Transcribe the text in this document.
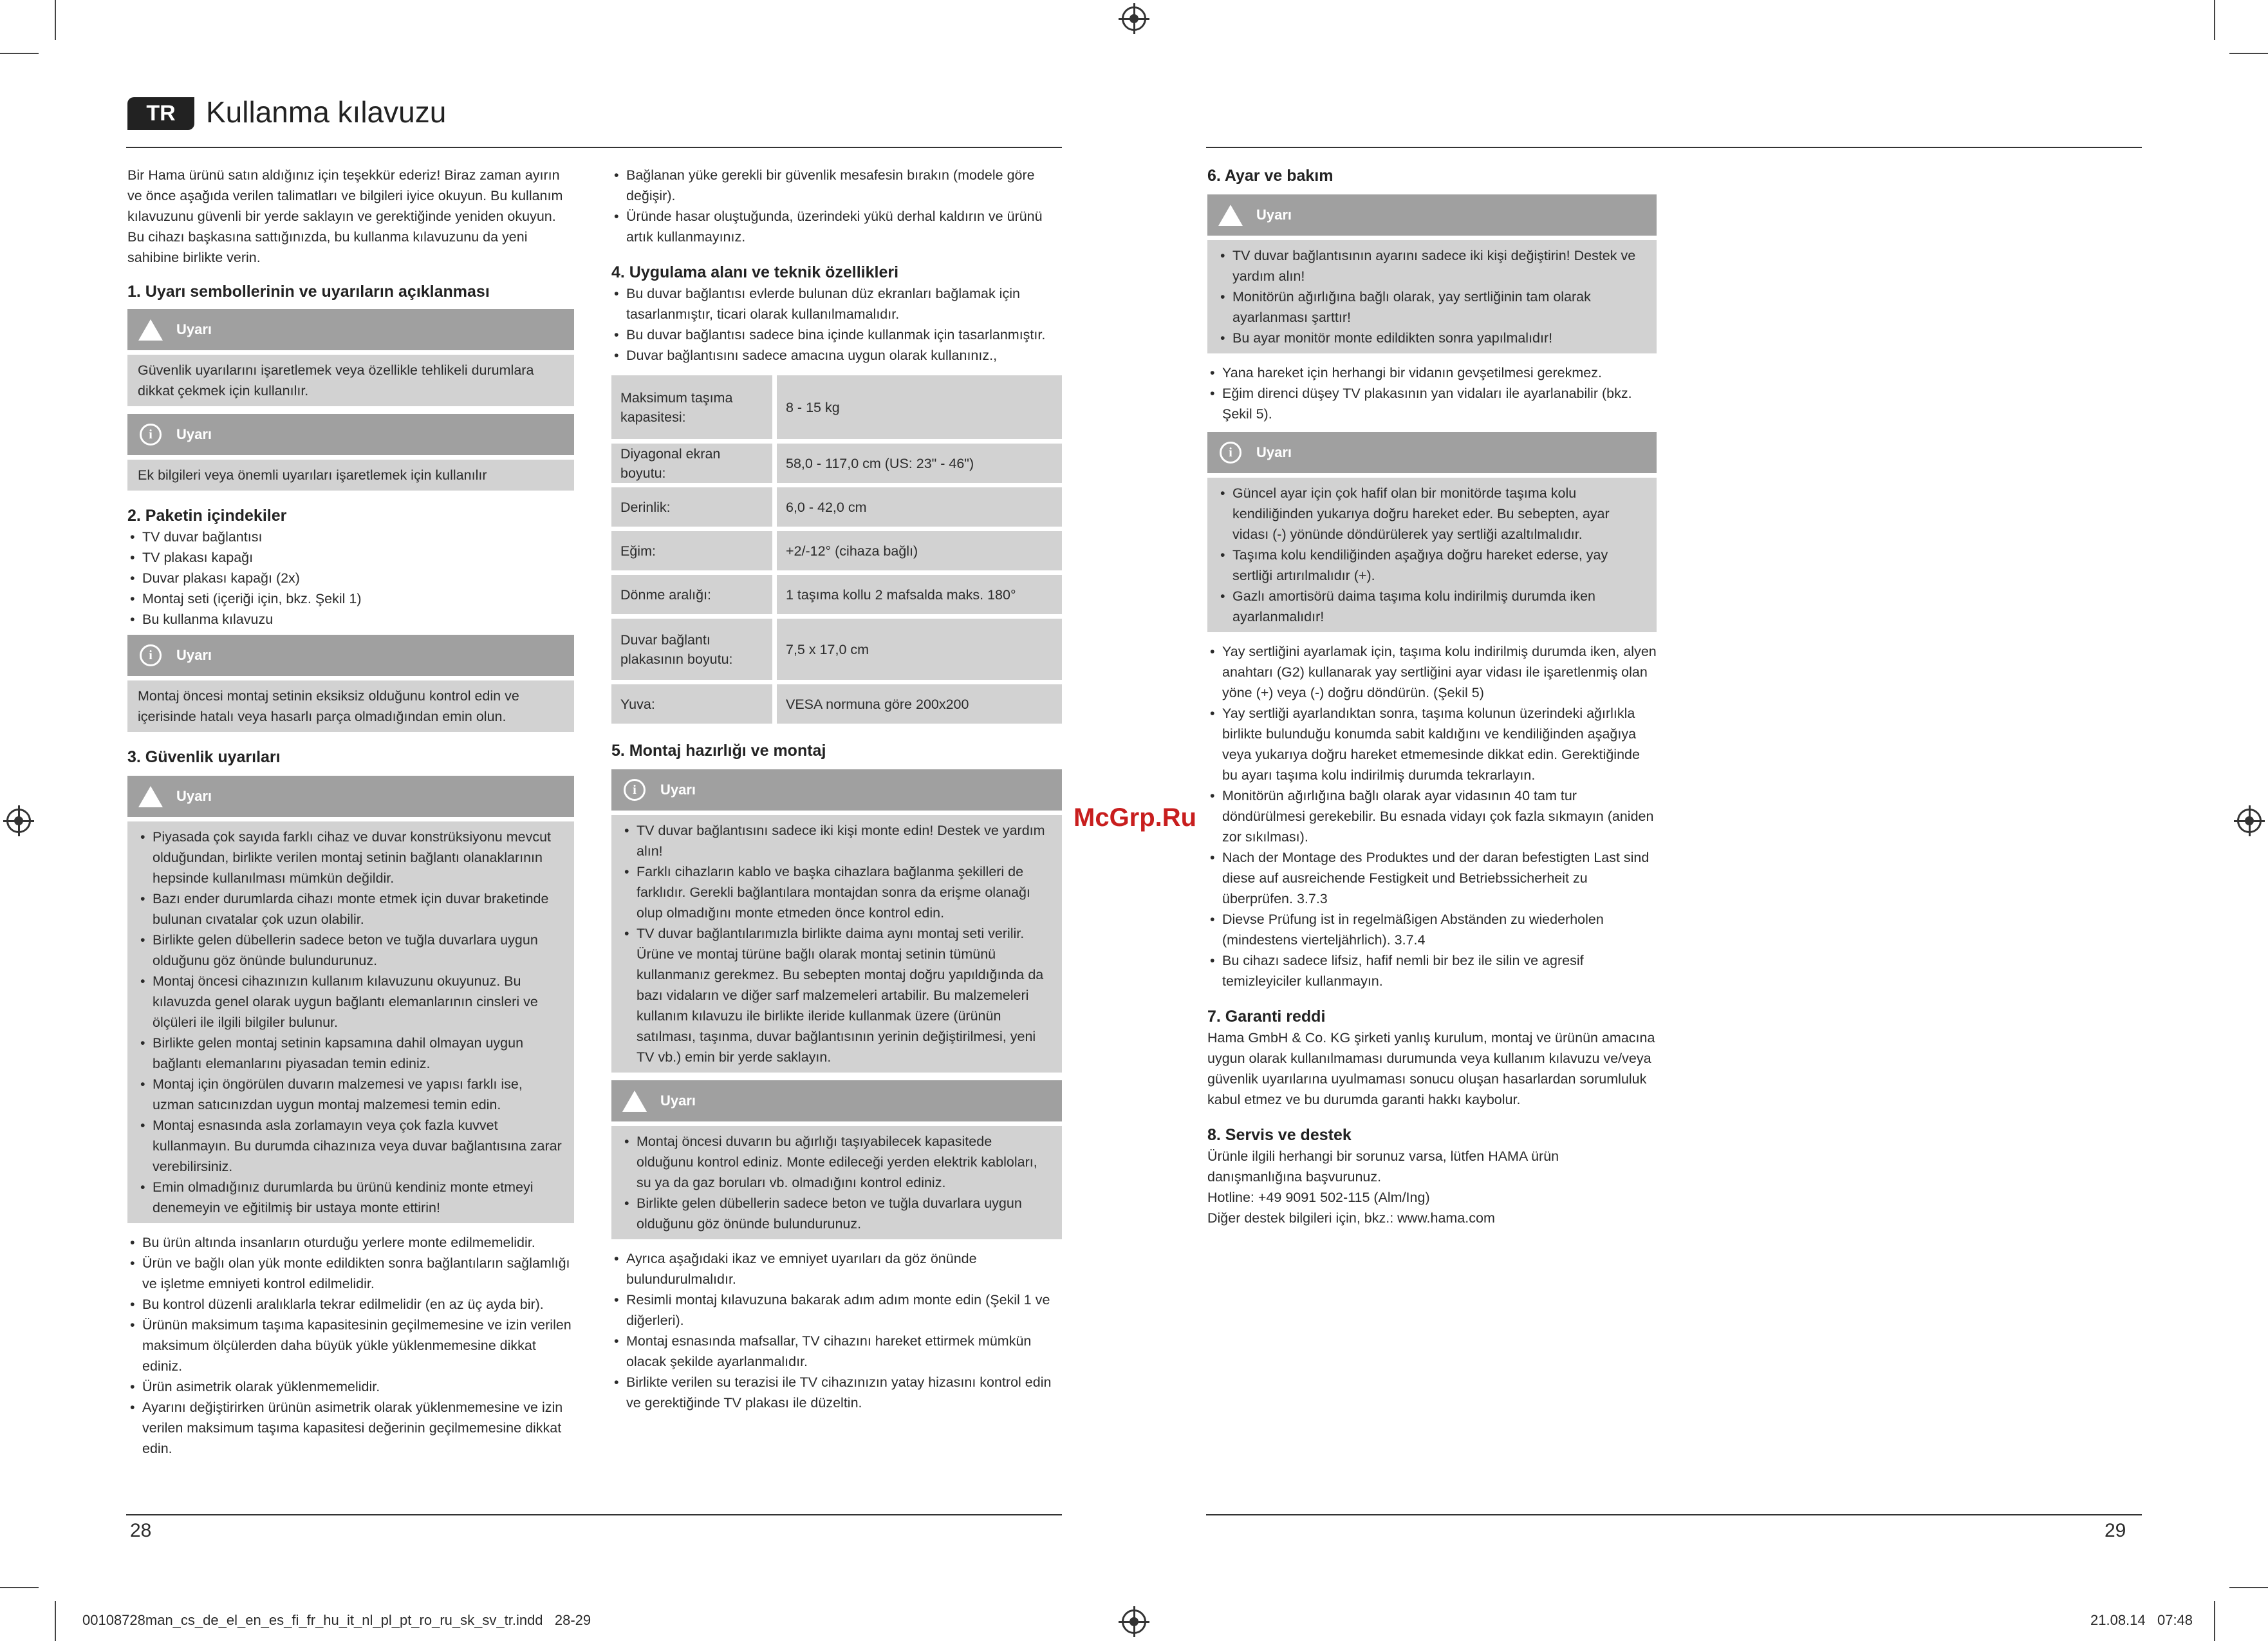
TR	Kullanma kılavuzu
McGrp.Ru

Bir Hama ürünü satın aldığınız için teşekkür ederiz! Biraz zaman ayırın ve önce aşağıda verilen talimatları ve bilgileri iyice okuyun. Bu kullanım kılavuzunu güvenli bir yerde saklayın ve gerektiğinde yeniden okuyun. Bu cihazı başkasına sattığınızda, bu kullanma kılavuzunu da yeni sahibine birlikte verin.

1. Uyarı sembollerinin ve uyarıların açıklanması
Uyarı
Güvenlik uyarılarını işaretlemek veya özellikle tehlikeli durumlara dikkat çekmek için kullanılır.
i	Uyarı
Ek bilgileri veya önemli uyarıları işaretlemek için kullanılır
2. Paketin içindekiler
• TV duvar bağlantısı
• TV plakası kapağı
• Duvar plakası kapağı (2x)
• Montaj seti (içeriği için, bkz. Şekil 1)
• Bu kullanma kılavuzu
i	Uyarı
Montaj öncesi montaj setinin eksiksiz olduğunu kontrol edin ve içerisinde hatalı veya hasarlı parça olmadığından emin olun.
3. Güvenlik uyarıları
Uyarı
• Piyasada çok sayıda farklı cihaz ve duvar konstrüksiyonu mevcut olduğundan, birlikte verilen montaj setinin bağlantı olanaklarının hepsinde kullanılması mümkün değildir.
• Bazı ender durumlarda cihazı monte etmek için duvar braketinde bulunan cıvatalar çok uzun olabilir.
• Birlikte gelen dübellerin sadece beton ve tuğla duvarlara uygun olduğunu göz önünde bulundurunuz.
• Montaj öncesi cihazınızın kullanım kılavuzunu okuyunuz. Bu kılavuzda genel olarak uygun bağlantı elemanlarının cinsleri ve ölçüleri ile ilgili bilgiler bulunur.
• Birlikte gelen montaj setinin kapsamına dahil olmayan uygun bağlantı elemanlarını piyasadan temin ediniz.
• Montaj için öngörülen duvarın malzemesi ve yapısı farklı ise, uzman satıcınızdan uygun montaj malzemesi temin edin.
• Montaj esnasında asla zorlamayın veya çok fazla kuvvet kullanmayın. Bu durumda cihazınıza veya duvar bağlantısına zarar verebilirsiniz.
• Emin olmadığınız durumlarda bu ürünü kendiniz monte etmeyi denemeyin ve eğitilmiş bir ustaya monte ettirin!
• Bu ürün altında insanların oturduğu yerlere monte edilmemelidir.
• Ürün ve bağlı olan yük monte edildikten sonra bağlantıların sağlamlığı ve işletme emniyeti kontrol edilmelidir.
• Bu kontrol düzenli aralıklarla tekrar edilmelidir (en az üç ayda bir).
• Ürünün maksimum taşıma kapasitesinin geçilmemesine ve izin verilen maksimum ölçülerden daha büyük yükle yüklenmemesine dikkat ediniz.
• Ürün asimetrik olarak yüklenmemelidir.
• Ayarını değiştirirken ürünün asimetrik olarak yüklenmemesine ve izin verilen maksimum taşıma kapasitesi değerinin geçilmemesine dikkat edin.
• Bağlanan yüke gerekli bir güvenlik mesafesin bırakın (modele göre değişir).
• Üründe hasar oluştuğunda, üzerindeki yükü derhal kaldırın ve ürünü artık kullanmayınız.
4. Uygulama alanı ve teknik özellikleri
• Bu duvar bağlantısı evlerde bulunan düz ekranları bağlamak için tasarlanmıştır, ticari olarak kullanılmamalıdır.
• Bu duvar bağlantısı sadece bina içinde kullanmak için tasarlanmıştır.
• Duvar bağlantısını sadece amacına uygun olarak kullanınız.,
Maksimum taşıma kapasitesi:	8 - 15 kg
Diyagonal ekran boyutu:	58,0 - 117,0 cm (US: 23" - 46")
Derinlik:	6,0 - 42,0 cm
Eğim:	+2/-12° (cihaza bağlı)
Dönme aralığı:	1 taşıma kollu 2 mafsalda maks. 180°
Duvar bağlantı plakasının boyutu:	7,5 x 17,0 cm
Yuva:	VESA normuna göre 200x200
5. Montaj hazırlığı ve montaj
i	Uyarı
• TV duvar bağlantısını sadece iki kişi monte edin! Destek ve yardım alın!
• Farklı cihazların kablo ve başka cihazlara bağlanma şekilleri de farklıdır. Gerekli bağlantılara montajdan sonra da erişme olanağı olup olmadığını monte etmeden önce kontrol edin.
• TV duvar bağlantılarımızla birlikte daima aynı montaj seti verilir. Ürüne ve montaj türüne bağlı olarak montaj setinin tümünü kullanmanız gerekmez. Bu sebepten montaj doğru yapıldığında da bazı vidaların ve diğer sarf malzemeleri artabilir. Bu malzemeleri kullanım kılavuzu ile birlikte ileride kullanmak üzere (ürünün satılması, taşınma, duvar bağlantısının yerinin değiştirilmesi, yeni TV vb.) emin bir yerde saklayın.
Uyarı
• Montaj öncesi duvarın bu ağırlığı taşıyabilecek kapasitede olduğunu kontrol ediniz. Monte edileceği yerden elektrik kabloları, su ya da gaz boruları vb. olmadığını kontrol ediniz.
• Birlikte gelen dübellerin sadece beton ve tuğla duvarlara uygun olduğunu göz önünde bulundurunuz.
• Ayrıca aşağıdaki ikaz ve emniyet uyarıları da göz önünde bulundurulmalıdır.
• Resimli montaj kılavuzuna bakarak adım adım monte edin (Şekil 1 ve diğerleri).
• Montaj esnasında mafsallar, TV cihazını hareket ettirmek mümkün olacak şekilde ayarlanmalıdır.
• Birlikte verilen su terazisi ile TV cihazınızın yatay hizasını kontrol edin ve gerektiğinde TV plakası ile düzeltin.
6. Ayar ve bakım
Uyarı
• TV duvar bağlantısının ayarını sadece iki kişi değiştirin! Destek ve yardım alın!
• Monitörün ağırlığına bağlı olarak, yay sertliğinin tam olarak ayarlanması şarttır!
• Bu ayar monitör monte edildikten sonra yapılmalıdır!
• Yana hareket için herhangi bir vidanın gevşetilmesi gerekmez.
• Eğim direnci düşey TV plakasının yan vidaları ile ayarlanabilir (bkz. Şekil 5).
i	Uyarı
• Güncel ayar için çok hafif olan bir monitörde taşıma kolu kendiliğinden yukarıya doğru hareket eder. Bu sebepten, ayar vidası (-) yönünde döndürülerek yay sertliği azaltılmalıdır.
• Taşıma kolu kendiliğinden aşağıya doğru hareket ederse, yay sertliği artırılmalıdır (+).
• Gazlı amortisörü daima taşıma kolu indirilmiş durumda iken ayarlanmalıdır!
• Yay sertliğini ayarlamak için, taşıma kolu indirilmiş durumda iken, alyen anahtarı (G2) kullanarak yay sertliğini ayar vidası ile işaretlenmiş olan yöne (+) veya (-) doğru döndürün. (Şekil 5)
• Yay sertliği ayarlandıktan sonra, taşıma kolunun üzerindeki ağırlıkla birlikte bulunduğu konumda sabit kaldığını ve kendiliğinden aşağıya veya yukarıya doğru hareket etmemesinde dikkat edin. Gerektiğinde bu ayarı taşıma kolu indirilmiş durumda tekrarlayın.
• Monitörün ağırlığına bağlı olarak ayar vidasının 40 tam tur döndürülmesi gerekebilir. Bu esnada vidayı çok fazla sıkmayın (aniden zor sıkılması).
• Nach der Montage des Produktes und der daran befestigten Last sind diese auf ausreichende Festigkeit und Betriebssicherheit zu überprüfen. 3.7.3
• Dievse Prüfung ist in regelmäßigen Abständen zu wiederholen (mindestens vierteljährlich). 3.7.4
• Bu cihazı sadece lifsiz, hafif nemli bir bez ile silin ve agresif temizleyiciler kullanmayın.
7. Garanti reddi

Hama GmbH & Co. KG şirketi yanlış kurulum, montaj ve ürünün amacına uygun olarak kullanılmaması durumunda veya kullanım kılavuzu ve/veya güvenlik uyarılarına uyulmaması sonucu oluşan hasarlardan sorumluluk kabul etmez ve bu durumda garanti hakkı kaybolur.

8. Servis ve destek

Ürünle ilgili herhangi bir sorunuz varsa, lütfen HAMA ürün danışmanlığına başvurunuz.

Hotline: +49 9091 502-115 (Alm/Ing)

Diğer destek bilgileri için, bkz.: www.hama.com

28	29
00108728man_cs_de_el_en_es_fi_fr_hu_it_nl_pl_pt_ro_ru_sk_sv_tr.indd   28-29	21.08.14   07:48
